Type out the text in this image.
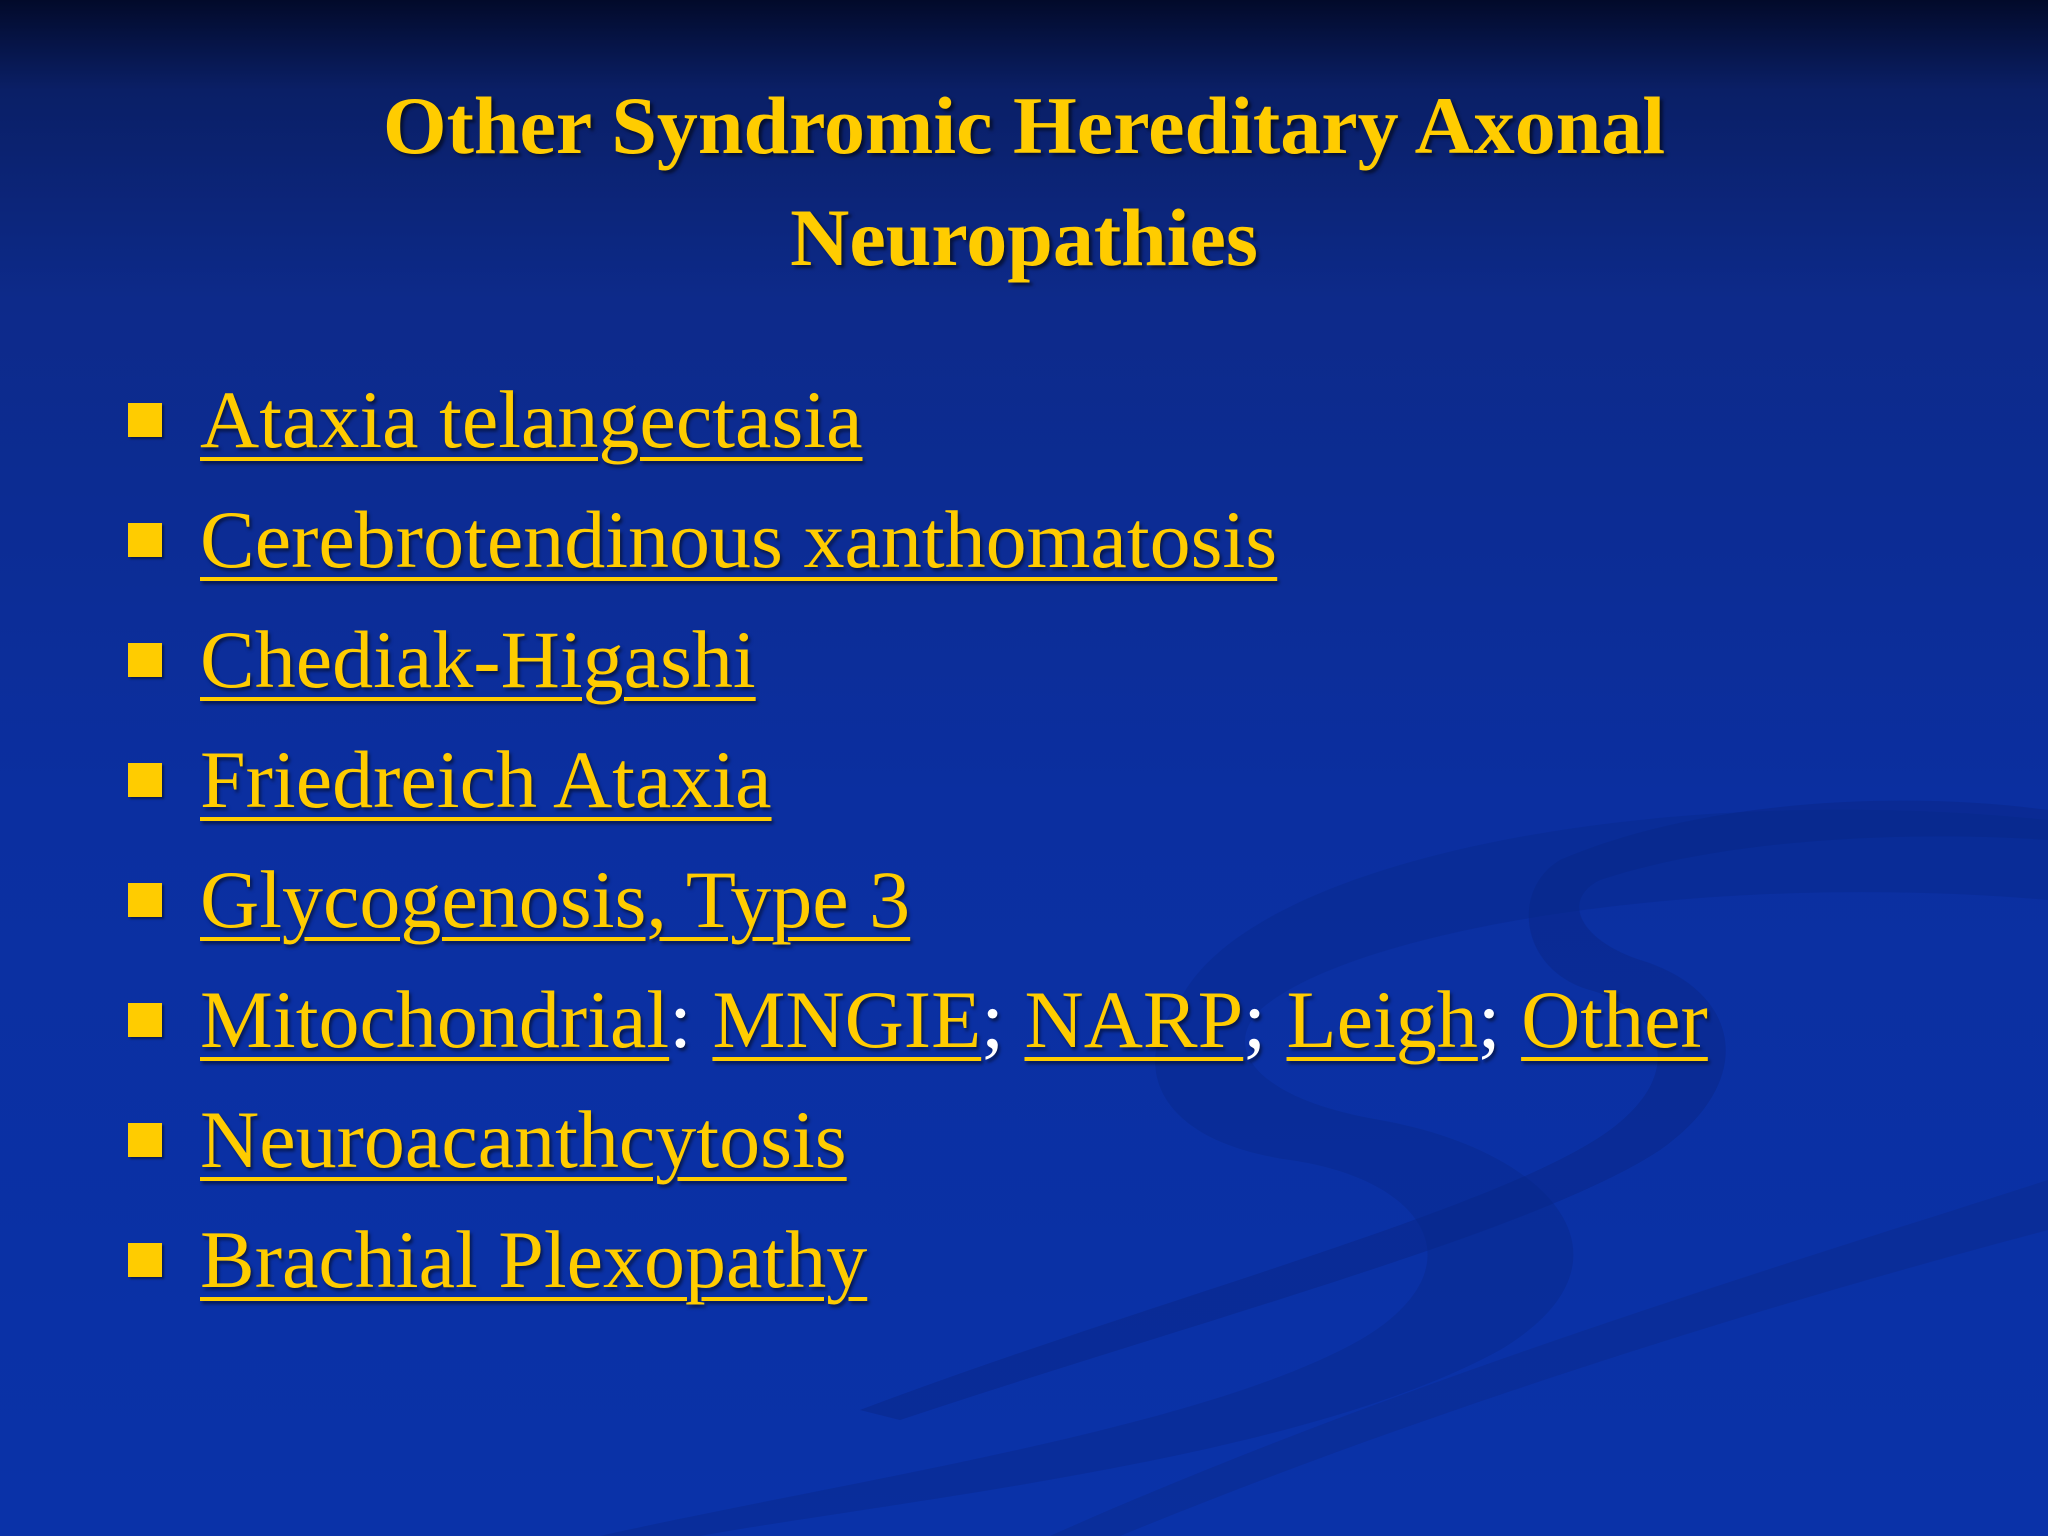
Other Syndromic Hereditary Axonal
Neuropathies
Ataxia telangectasia
Cerebrotendinous xanthomatosis
Chediak-Higashi
Friedreich Ataxia
Glycogenosis, Type 3
Mitochondrial: MNGIE; NARP; Leigh; Other
Neuroacanthcytosis
Brachial Plexopathy
